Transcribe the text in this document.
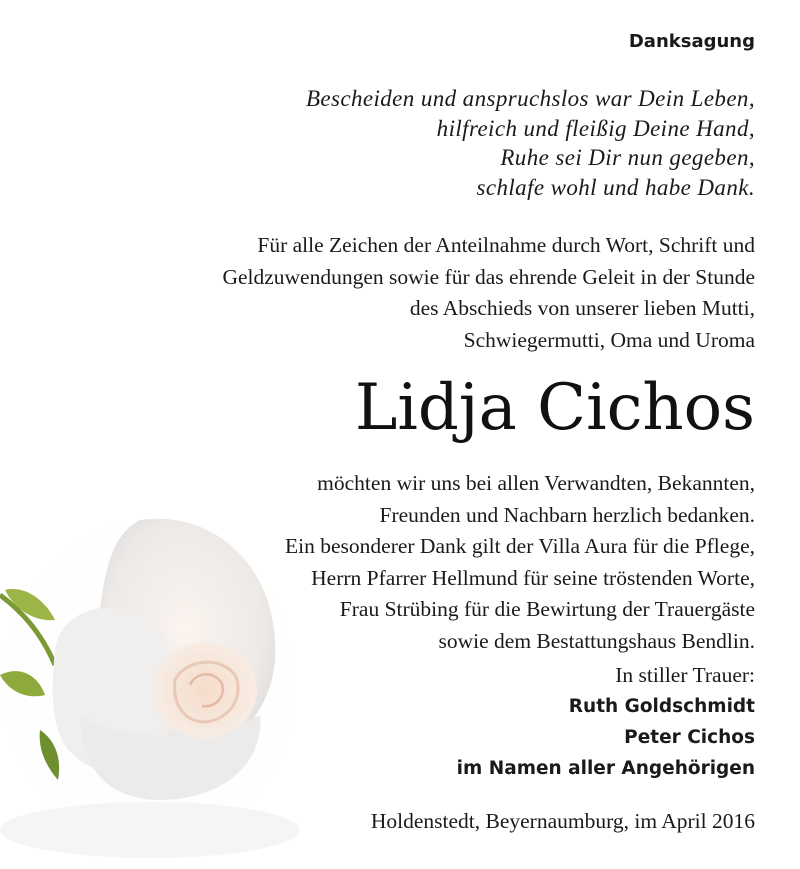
Danksagung
Bescheiden und anspruchslos war Dein Leben,
hilfreich und fleißig Deine Hand,
Ruhe sei Dir nun gegeben,
schlafe wohl und habe Dank.
Für alle Zeichen der Anteilnahme durch Wort, Schrift und
Geldzuwendungen sowie für das ehrende Geleit in der Stunde
des Abschieds von unserer lieben Mutti,
Schwiegermutti, Oma und Uroma
Lidja Cichos
möchten wir uns bei allen Verwandten, Bekannten,
Freunden und Nachbarn herzlich bedanken.
Ein besonderer Dank gilt der Villa Aura für die Pflege,
Herrn Pfarrer Hellmund für seine tröstenden Worte,
Frau Strübing für die Bewirtung der Trauergäste
sowie dem Bestattungshaus Bendlin.
In stiller Trauer:
Ruth Goldschmidt
Peter Cichos
im Namen aller Angehörigen
Holdenstedt, Beyernaumburg, im April 2016
